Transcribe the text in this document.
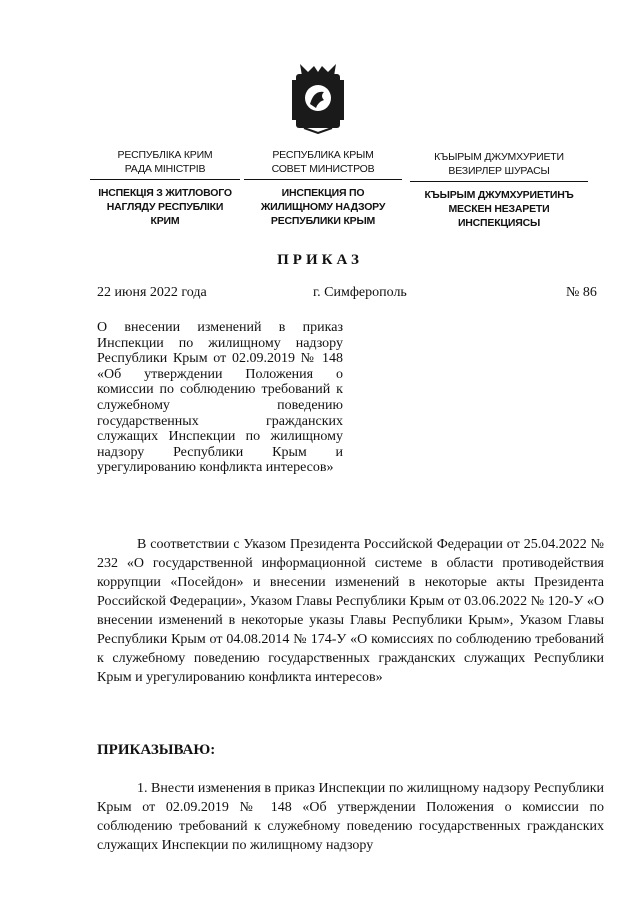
РЕСПУБЛІКА КРИМ
РАДА МІНІСТРІВ
ІНСПЕКЦІЯ З ЖИТЛОВОГО
НАГЛЯДУ РЕСПУБЛІКИ
КРИМ
РЕСПУБЛИКА КРЫМ
СОВЕТ МИНИСТРОВ
ИНСПЕКЦИЯ ПО
ЖИЛИЩНОМУ НАДЗОРУ
РЕСПУБЛИКИ КРЫМ
КЪЫРЫМ ДЖУМХУРИЕТИ
ВЕЗИРЛЕР ШУРАСЫ
КЪЫРЫМ ДЖУМХУРИЕТИНЪ
МЕСКЕН НЕЗАРЕТИ
ИНСПЕКЦИЯСЫ
ПРИКАЗ
22 июня 2022 года	г. Симферополь	№ 86
О внесении изменений в приказ Инспекции по жилищному надзору Республики Крым от 02.09.2019 № 148 «Об утверждении Положения о комиссии по соблюдению требований к служебному поведению государственных гражданских служащих Инспекции по жилищному надзору Республики Крым и урегулированию конфликта интересов»

В соответствии с Указом Президента Российской Федерации от 25.04.2022 № 232 «О государственной информационной системе в области противодействия коррупции «Посейдон» и внесении изменений в некоторые акты Президента Российской Федерации», Указом Главы Республики Крым от 03.06.2022 № 120-У «О внесении изменений в некоторые указы Главы Республики Крым», Указом Главы Республики Крым от 04.08.2014 № 174-У «О комиссиях по соблюдению требований к служебному поведению государственных гражданских служащих Республики Крым и урегулированию конфликта интересов»

ПРИКАЗЫВАЮ:

1. Внести изменения в приказ Инспекции по жилищному надзору Республики Крым от 02.09.2019 № 148 «Об утверждении Положения о комиссии по соблюдению требований к служебному поведению государственных гражданских служащих Инспекции по жилищному надзору
